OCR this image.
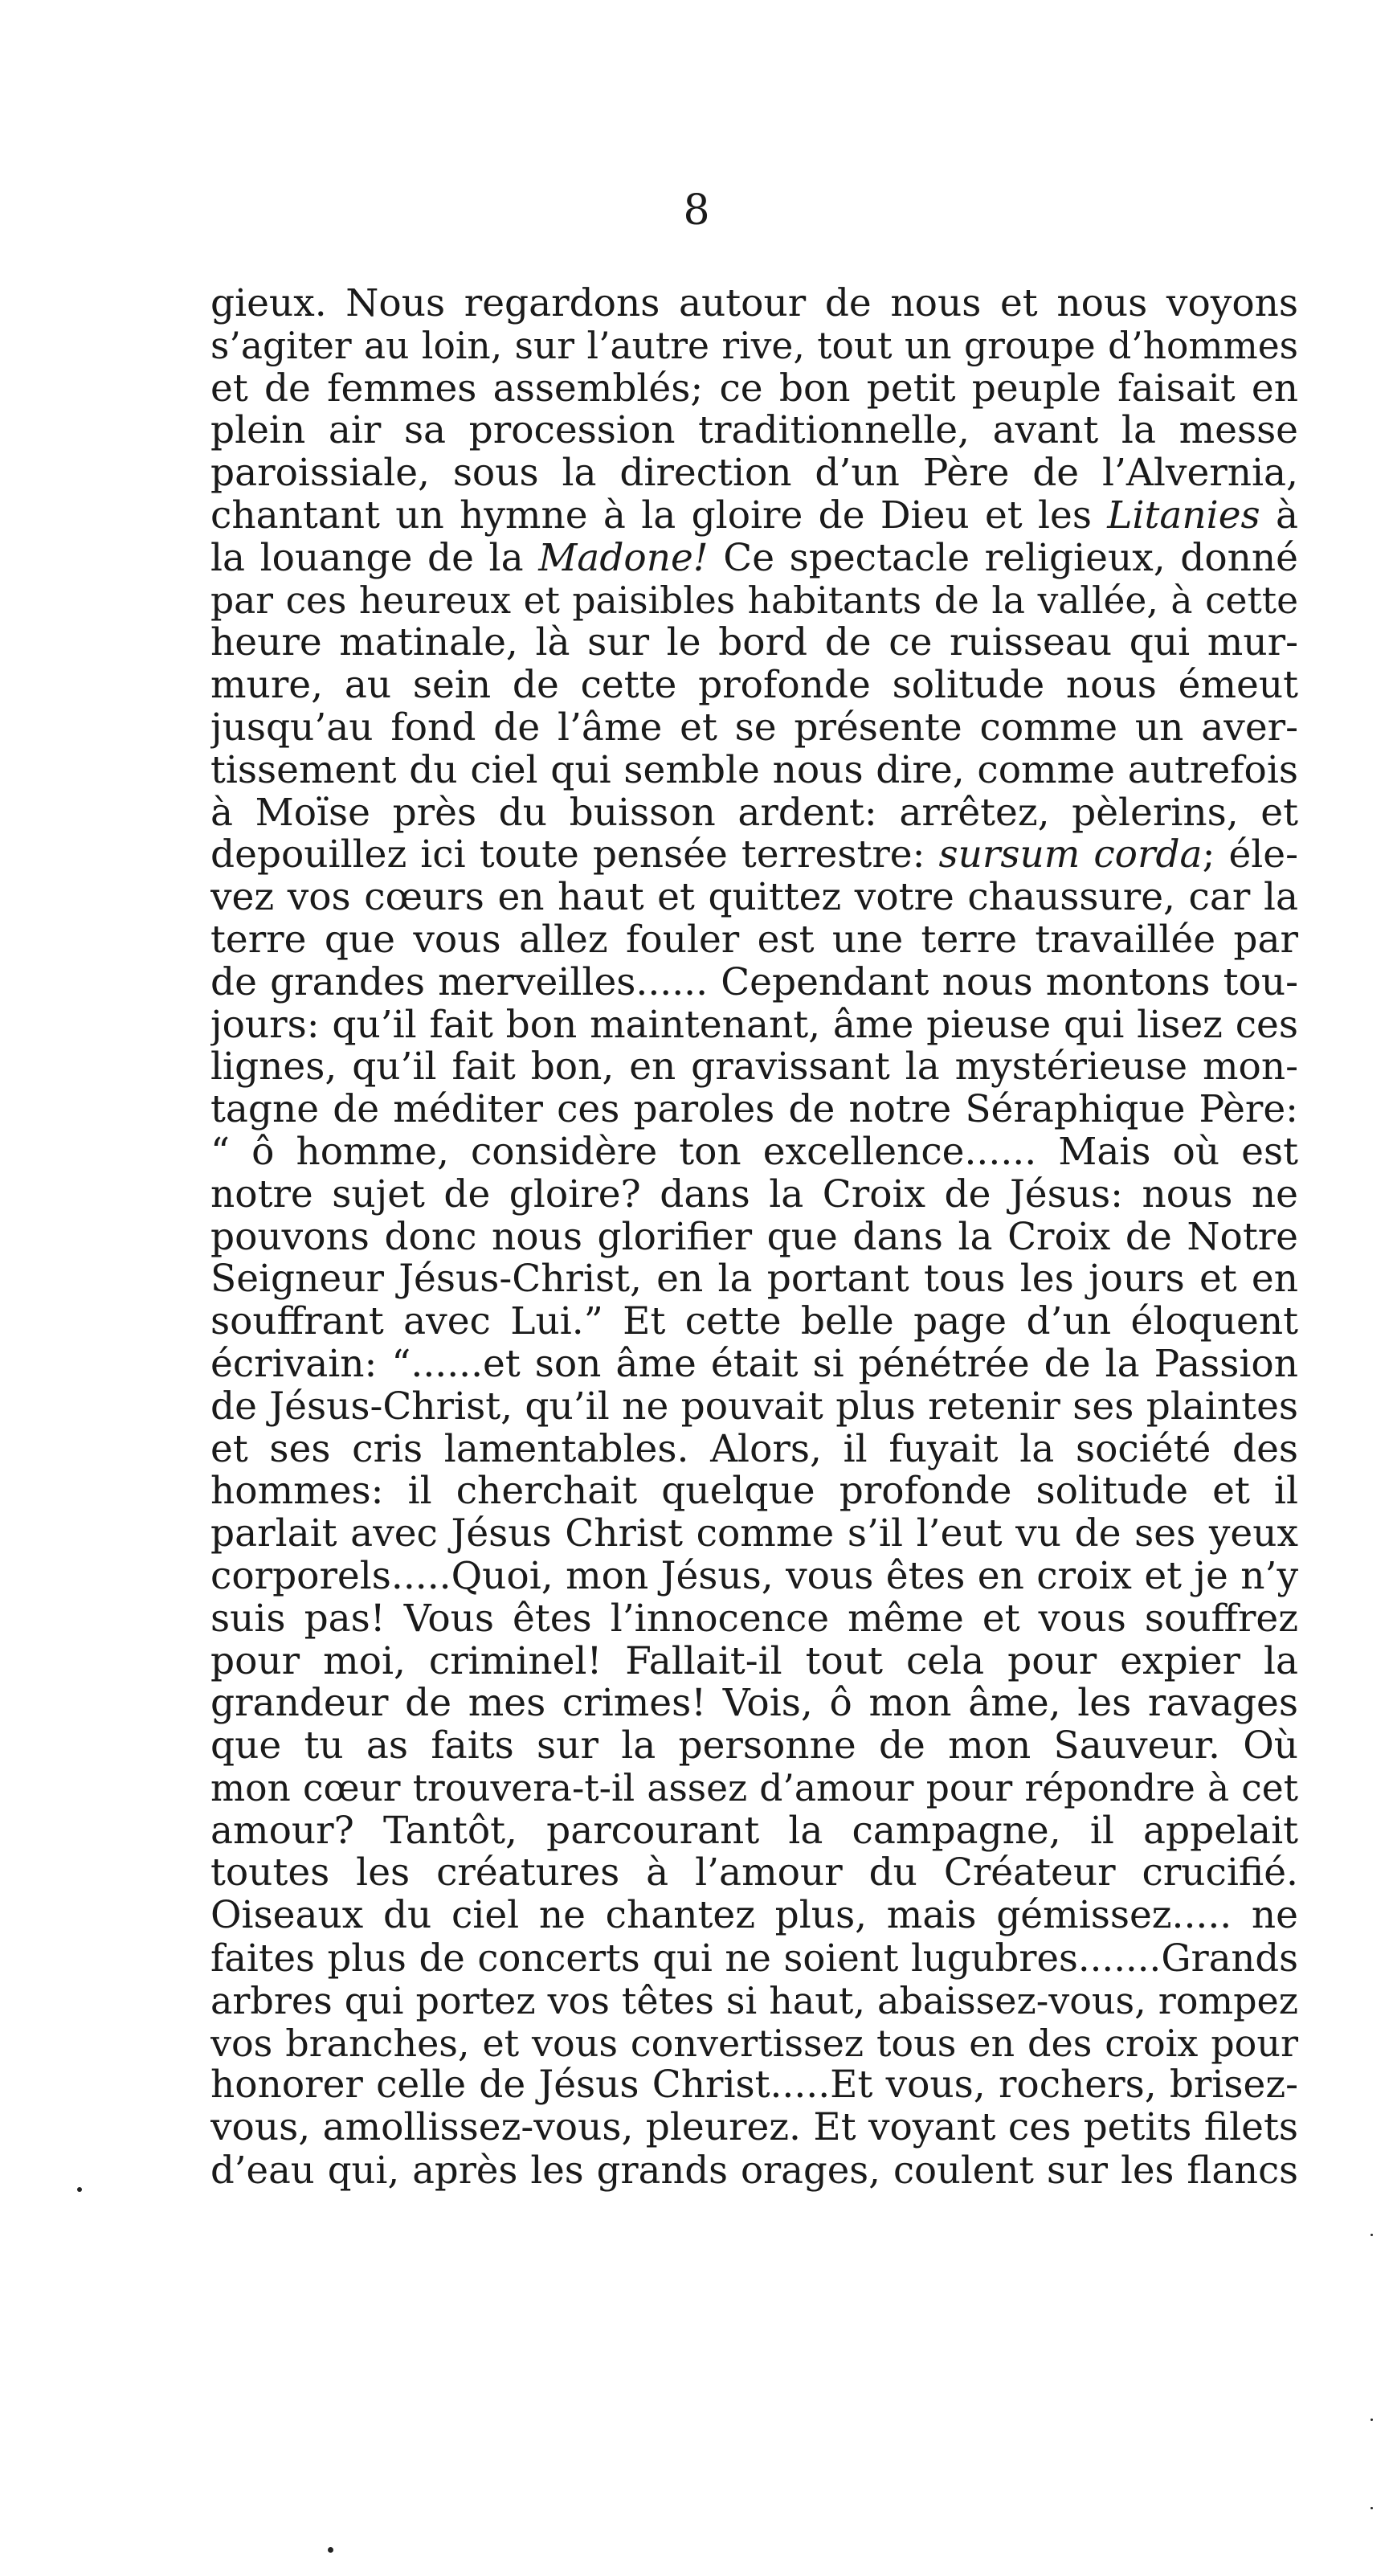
8
gieux. Nous regardons autour de nous et nous voyons
s’agiter au loin, sur l’autre rive, tout un groupe d’hommes
et de femmes assemblés; ce bon petit peuple faisait en
plein air sa procession traditionnelle, avant la messe
paroissiale, sous la direction d’un Père de l’Alvernia,
chantant un hymne à la gloire de Dieu et les Litanies à
la louange de la Madone! Ce spectacle religieux, donné
par ces heureux et paisibles habitants de la vallée, à cette
heure matinale, là sur le bord de ce ruisseau qui mur-
mure, au sein de cette profonde solitude nous émeut
jusqu’au fond de l’âme et se présente comme un aver-
tissement du ciel qui semble nous dire, comme autrefois
à Moïse près du buisson ardent: arrêtez, pèlerins, et
depouillez ici toute pensée terrestre: sursum corda; éle-
vez vos cœurs en haut et quittez votre chaussure, car la
terre que vous allez fouler est une terre travaillée par
de grandes merveilles...... Cependant nous montons tou-
jours: qu’il fait bon maintenant, âme pieuse qui lisez ces
lignes, qu’il fait bon, en gravissant la mystérieuse mon-
tagne de méditer ces paroles de notre Séraphique Père:
“ ô homme, considère ton excellence...... Mais où est
notre sujet de gloire? dans la Croix de Jésus: nous ne
pouvons donc nous glorifier que dans la Croix de Notre
Seigneur Jésus-Christ, en la portant tous les jours et en
souffrant avec Lui.” Et cette belle page d’un éloquent
écrivain: “......et son âme était si pénétrée de la Passion
de Jésus-Christ, qu’il ne pouvait plus retenir ses plaintes
et ses cris lamentables. Alors, il fuyait la société des
hommes: il cherchait quelque profonde solitude et il
parlait avec Jésus Christ comme s’il l’eut vu de ses yeux
corporels.....Quoi, mon Jésus, vous êtes en croix et je n’y
suis pas! Vous êtes l’innocence même et vous souffrez
pour moi, criminel! Fallait-il tout cela pour expier la
grandeur de mes crimes! Vois, ô mon âme, les ravages
que tu as faits sur la personne de mon Sauveur. Où
mon cœur trouvera-t-il assez d’amour pour répondre à cet
amour? Tantôt, parcourant la campagne, il appelait
toutes les créatures à l’amour du Créateur crucifié.
Oiseaux du ciel ne chantez plus, mais gémissez..... ne
faites plus de concerts qui ne soient lugubres.......Grands
arbres qui portez vos têtes si haut, abaissez-vous, rompez
vos branches, et vous convertissez tous en des croix pour
honorer celle de Jésus Christ.....Et vous, rochers, brisez-
vous, amollissez-vous, pleurez. Et voyant ces petits filets
d’eau qui, après les grands orages, coulent sur les flancs
